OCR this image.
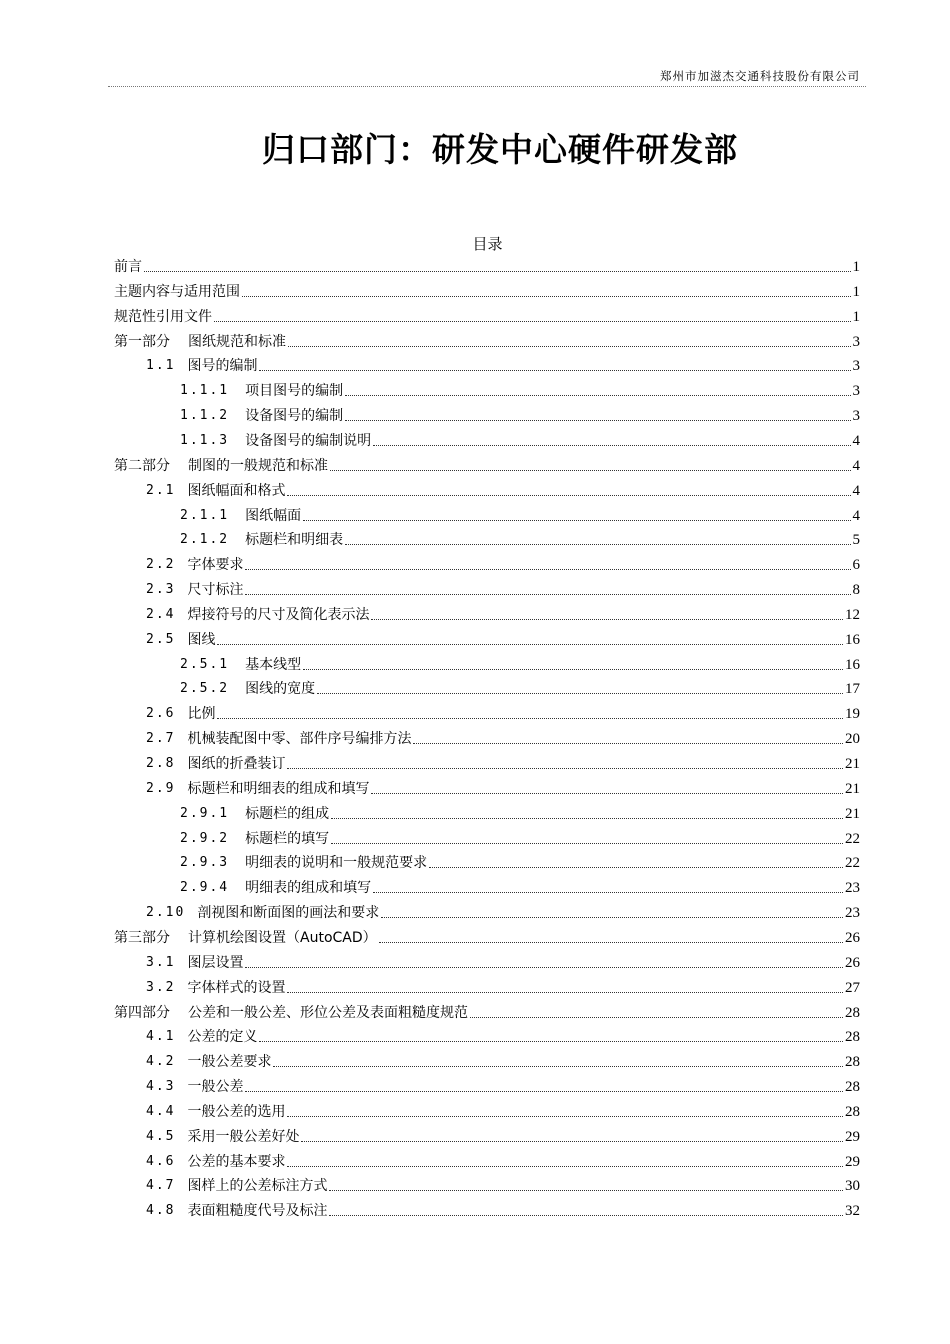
郑州市加滋杰交通科技股份有限公司
归口部门：研发中心硬件研发部
目录
前言	1
主题内容与适用范围	1
规范性引用文件	1
第一部分 图纸规范和标准	3
1.1 图号的编制	3
1.1.1 项目图号的编制	3
1.1.2 设备图号的编制	3
1.1.3 设备图号的编制说明	4
第二部分 制图的一般规范和标准	4
2.1 图纸幅面和格式	4
2.1.1 图纸幅面	4
2.1.2 标题栏和明细表	5
2.2 字体要求	6
2.3 尺寸标注	8
2.4 焊接符号的尺寸及简化表示法	12
2.5 图线	16
2.5.1 基本线型	16
2.5.2 图线的宽度	17
2.6 比例	19
2.7 机械装配图中零、部件序号编排方法	20
2.8 图纸的折叠装订	21
2.9 标题栏和明细表的组成和填写	21
2.9.1 标题栏的组成	21
2.9.2 标题栏的填写	22
2.9.3 明细表的说明和一般规范要求	22
2.9.4 明细表的组成和填写	23
2.10 剖视图和断面图的画法和要求	23
第三部分 计算机绘图设置（AutoCAD）	26
3.1 图层设置	26
3.2 字体样式的设置	27
第四部分 公差和一般公差、形位公差及表面粗糙度规范	28
4.1 公差的定义	28
4.2 一般公差要求	28
4.3 一般公差	28
4.4 一般公差的选用	28
4.5 采用一般公差好处	29
4.6 公差的基本要求	29
4.7 图样上的公差标注方式	30
4.8 表面粗糙度代号及标注	32
